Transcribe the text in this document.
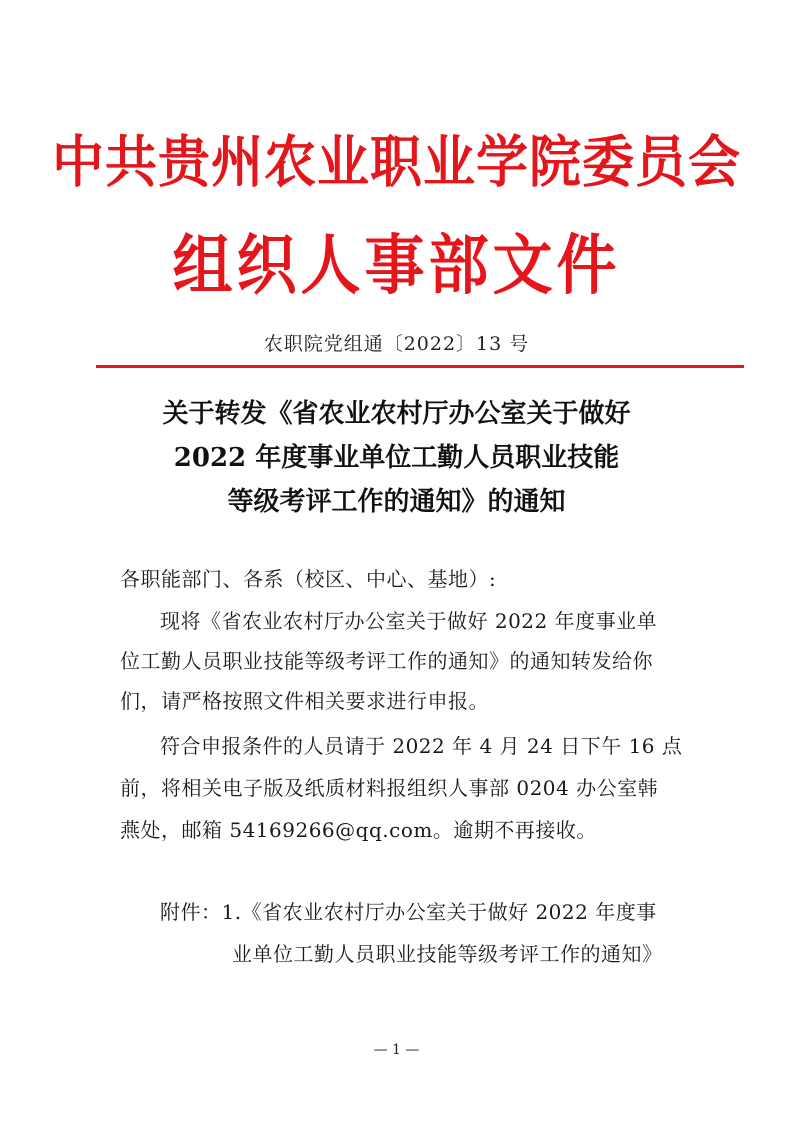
中共贵州农业职业学院委员会
组织人事部文件
农职院党组通〔2022〕13 号
关于转发《省农业农村厅办公室关于做好
2022 年度事业单位工勤人员职业技能
等级考评工作的通知》的通知
各职能部门、各系（校区、中心、基地）:
现将《省农业农村厅办公室关于做好 2022 年度事业单
位工勤人员职业技能等级考评工作的通知》的通知转发给你
们，请严格按照文件相关要求进行申报。
符合申报条件的人员请于 2022 年 4 月 24 日下午 16 点
前，将相关电子版及纸质材料报组织人事部 0204 办公室韩
燕处，邮箱 54169266@qq.com。逾期不再接收。
附件：1.《省农业农村厅办公室关于做好 2022 年度事
业单位工勤人员职业技能等级考评工作的通知》
— 1 —
